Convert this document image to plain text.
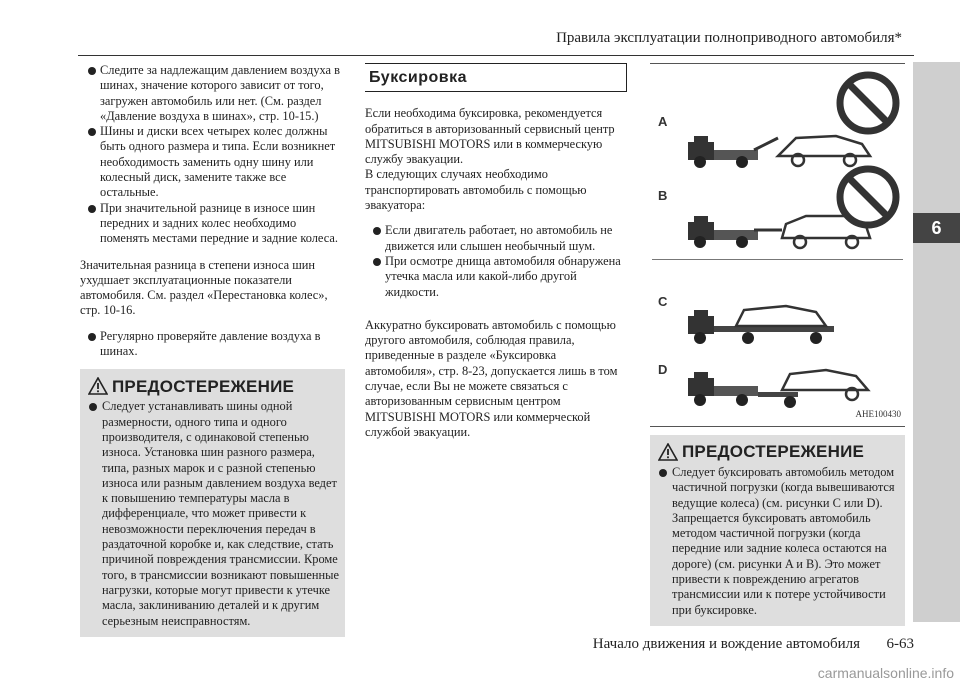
Правила эксплуатации полноприводного автомобиля*
6
Следите за надлежащим давлением воздуха в шинах, значение которого зависит от того, загружен автомобиль или нет. (См. раздел «Давление воздуха в шинах», стр. 10-15.)
Шины и диски всех четырех колес должны быть одного размера и типа. Если возникнет необходимость заменить одну шину или колесный диск, замените также все остальные.
При значительной разнице в износе шин передних и задних колес необходимо поменять местами передние и задние колеса.

Значительная разница в степени износа шин ухудшает эксплуатационные показатели автомобиля. См. раздел «Перестановка колес», стр. 10-16.

Регулярно проверяйте давление воздуха в шинах.
ПРЕДОСТЕРЕЖЕНИЕ
Следует устанавливать шины одной размерности, одного типа и одного производителя, с одинаковой степенью износа. Установка шин разного размера, типа, разных марок и с разной степенью износа или разным давлением воздуха ведет к повышению температуры масла в дифференциале, что может привести к невозможности переключения передач в раздаточной коробке и, как следствие, стать причиной повреждения трансмиссии. Кроме того, в трансмиссии возникают повышенные нагрузки, которые могут привести к утечке масла, заклиниванию деталей и к другим серьезным неисправностям.
Буксировка

Если необходима буксировка, рекомендуется обратиться в авторизованный сервисный центр MITSUBISHI MOTORS или в коммерческую службу эвакуации.

В следующих случаях необходимо транспортировать автомобиль с помощью эвакуатора:

Если двигатель работает, но автомобиль не движется или слышен необычный шум.
При осмотре днища автомобиля обнаружена утечка масла или какой-либо другой жидкости.

Аккуратно буксировать автомобиль с помощью другого автомобиля, соблюдая правила, приведенные в разделе «Буксировка автомобиля», стр. 8-23, допускается лишь в том случае, если Вы не можете связаться с авторизованным сервисным центром MITSUBISHI MOTORS или коммерческой службой эвакуации.

A
B
C
D
AHE100430
ПРЕДОСТЕРЕЖЕНИЕ
Следует буксировать автомобиль методом частичной погрузки (когда вывешиваются ведущие колеса) (см. рисунки C или D). Запрещается буксировать автомобиль методом частичной погрузки (когда передние или задние колеса остаются на дороге) (см. рисунки A и B). Это может привести к повреждению агрегатов трансмиссии или к потере устойчивости при буксировке.
Начало движения и вождение автомобиля 6-63
carmanualsonline.info
